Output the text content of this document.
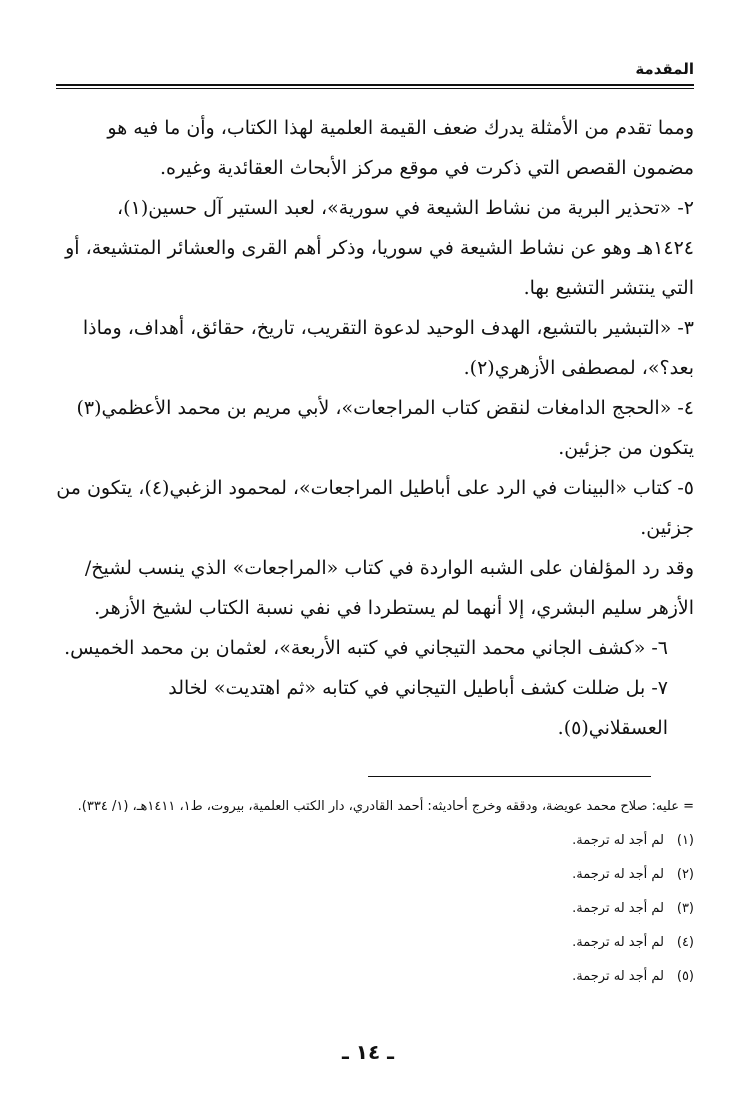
المقدمة

ومما تقدم من الأمثلة يدرك ضعف القيمة العلمية لهذا الكتاب، وأن ما فيه هو مضمون القصص التي ذكرت في موقع مركز الأبحاث العقائدية وغيره.

٢- «تحذير البرية من نشاط الشيعة في سورية»، لعبد الستير آل حسين(١)، ١٤٢٤هـ وهو عن نشاط الشيعة في سوريا، وذكر أهم القرى والعشائر المتشيعة، أو التي ينتشر التشيع بها.

٣- «التبشير بالتشيع، الهدف الوحيد لدعوة التقريب، تاريخ، حقائق، أهداف، وماذا بعد؟»، لمصطفى الأزهري(٢).

٤- «الحجج الدامغات لنقض كتاب المراجعات»، لأبي مريم بن محمد الأعظمي(٣) يتكون من جزئين.

٥- كتاب «البينات في الرد على أباطيل المراجعات»، لمحمود الزغبي(٤)، يتكون من جزئين.

وقد رد المؤلفان على الشبه الواردة في كتاب «المراجعات» الذي ينسب لشيخ/ الأزهر سليم البشري، إلا أنهما لم يستطردا في نفي نسبة الكتاب لشيخ الأزهر.

٦- «كشف الجاني محمد التيجاني في كتبه الأربعة»، لعثمان بن محمد الخميس.

٧- بل ضللت كشف أباطيل التيجاني في كتابه «ثم اهتديت» لخالد العسقلاني(٥).

= عليه: صلاح محمد عويضة، ودققه وخرج أحاديثه: أحمد القادري، دار الكتب العلمية، بيروت، ط١، ١٤١١هـ، (١/ ٣٣٤).

(١)
لم أجد له ترجمة.
(٢)
لم أجد له ترجمة.
(٣)
لم أجد له ترجمة.
(٤)
لم أجد له ترجمة.
(٥)
لم أجد له ترجمة.
ـ ١٤ ـ
